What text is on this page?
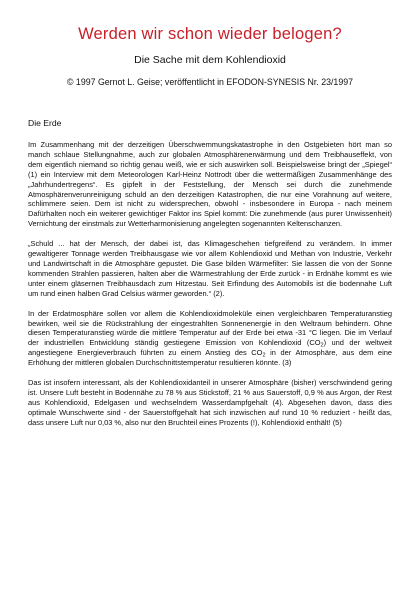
Werden wir schon wieder belogen?
Die Sache mit dem Kohlendioxid
© 1997 Gernot L. Geise; veröffentlicht in EFODON-SYNESIS Nr. 23/1997
Die Erde

Im Zusammenhang mit der derzeitigen Überschwemmungskatastrophe in den Ostgebieten hört man so manch schlaue Stellungnahme, auch zur globalen Atmosphärenerwärmung und dem Treibhauseffekt, von dem eigentlich niemand so richtig genau weiß, wie er sich auswirken soll. Beispielsweise bringt der „Spiegel“ (1) ein Interview mit dem Meteorologen Karl-Heinz Nottrodt über die wettermäßigen Zusammenhänge des „Jahrhundertregens“. Es gipfelt in der Feststellung, der Mensch sei durch die zunehmende Atmosphärenverunreinigung schuld an den derzeitigen Katastrophen, die nur eine Vorahnung auf weitere, schlimmere seien. Dem ist nicht zu widersprechen, obwohl - insbesondere in Europa - nach meinem Dafürhalten noch ein weiterer gewichtiger Faktor ins Spiel kommt: Die zunehmende (aus purer Unwissenheit) Vernichtung der einstmals zur Wetterharmonisierung angelegten sogenannten Keltenschanzen.

„Schuld ... hat der Mensch, der dabei ist, das Klimageschehen tiefgreifend zu verändern. In immer gewaltigerer Tonnage werden Treibhausgase wie vor allem Kohlendioxid und Methan von Industrie, Verkehr und Landwirtschaft in die Atmosphäre gepustet. Die Gase bilden Wärmefilter: Sie lassen die von der Sonne kommenden Strahlen passieren, halten aber die Wärmestrahlung der Erde zurück - in Erdnähe kommt es wie unter einem gläsernen Treibhausdach zum Hitzestau. Seit Erfindung des Automobils ist die bodennahe Luft um rund einen halben Grad Celsius wärmer geworden.“ (2).

In der Erdatmosphäre sollen vor allem die Kohlendioxidmoleküle einen vergleichbaren Temperaturanstieg bewirken, weil sie die Rückstrahlung der eingestrahlten Sonnenenergie in den Weltraum behindern. Ohne diesen Temperaturanstieg würde die mittlere Temperatur auf der Erde bei etwa -31 °C liegen. Die im Verlauf der industriellen Entwicklung ständig gestiegene Emission von Kohlendioxid $(CO_2)$ und der weltweit angestiegene Energieverbrauch führten zu einem Anstieg des $CO_2$ in der Atmosphäre, aus dem eine Erhöhung der mittleren globalen Durchschnittstemperatur resultieren könnte. (3)

Das ist insofern interessant, als der Kohlendioxidanteil in unserer Atmosphäre (bisher) verschwindend gering ist. Unsere Luft besteht in Bodennähe zu 78 % aus Stickstoff, 21 % aus Sauerstoff, 0,9 % aus Argon, der Rest aus Kohlendioxid, Edelgasen und wechselndem Wasserdampfgehalt (4). Abgesehen davon, dass dies optimale Wunschwerte sind - der Sauerstoffgehalt hat sich inzwischen auf rund 10 % reduziert - heißt das, dass unsere Luft nur 0,03 %, also nur den Bruchteil eines Prozents (!), Kohlendioxid enthält! (5)
